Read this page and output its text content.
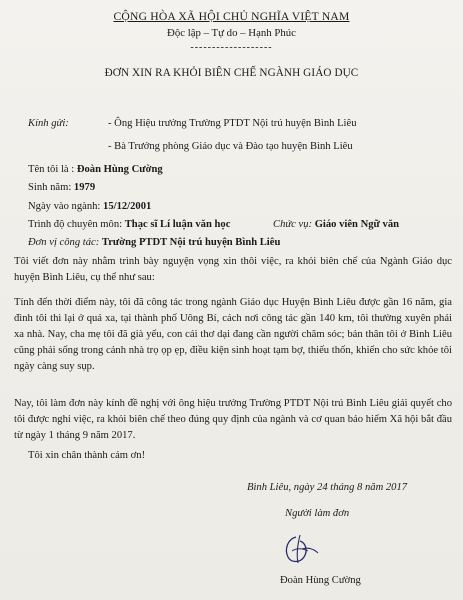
CỘNG HÒA XÃ HỘI CHỦ NGHĨA VIỆT NAM
Độc lập – Tự do – Hạnh Phúc
-------------------
ĐƠN XIN RA KHỎI BIÊN CHẾ NGÀNH GIÁO DỤC
Kính gửi:	- Ông Hiệu trưởng Trường PTDT Nội trú huyện Bình Liêu
- Bà Trưởng phòng Giáo dục và Đào tạo huyện Bình Liêu
Tên tôi là : Đoàn Hùng Cường
Sinh năm: 1979
Ngày vào ngành: 15/12/2001
Trình độ chuyên môn: Thạc sĩ Lí luận văn học	Chức vụ: Giáo viên Ngữ văn
Đơn vị công tác: Trường PTDT Nội trú huyện Bình Liêu
Tôi viết đơn này nhằm trình bày nguyện vọng xin thôi việc, ra khỏi biên chế của Ngành Giáo dục huyện Bình Liêu, cụ thể như sau:
Tính đến thời điểm này, tôi đã công tác trong ngành Giáo dục Huyện Bình Liêu được gần 16 năm, gia đình tôi thì lại ở quá xa, tại thành phố Uông Bí, cách nơi công tác gần 140 km, tôi thường xuyên phải xa nhà. Nay, cha mẹ tôi đã già yếu, con cái thơ dại đang cần người chăm sóc; bản thân tôi ở Bình Liêu cũng phải sống trong cảnh nhà trọ ọp ẹp, điều kiện sinh hoạt tạm bợ, thiếu thốn, khiến cho sức khỏe tôi ngày càng suy sụp.
Nay, tôi làm đơn này kính đề nghị với ông hiệu trưởng Trường PTDT Nội trú Bình Liêu giải quyết cho tôi được nghỉ việc, ra khỏi biên chế theo đúng quy định của ngành và cơ quan bảo hiểm Xã hội bắt đầu từ ngày 1 tháng 9 năm 2017.
Tôi xin chân thành cảm ơn!
Bình Liêu, ngày 24 tháng 8 năm 2017
Người làm đơn
Đoàn Hùng Cường
